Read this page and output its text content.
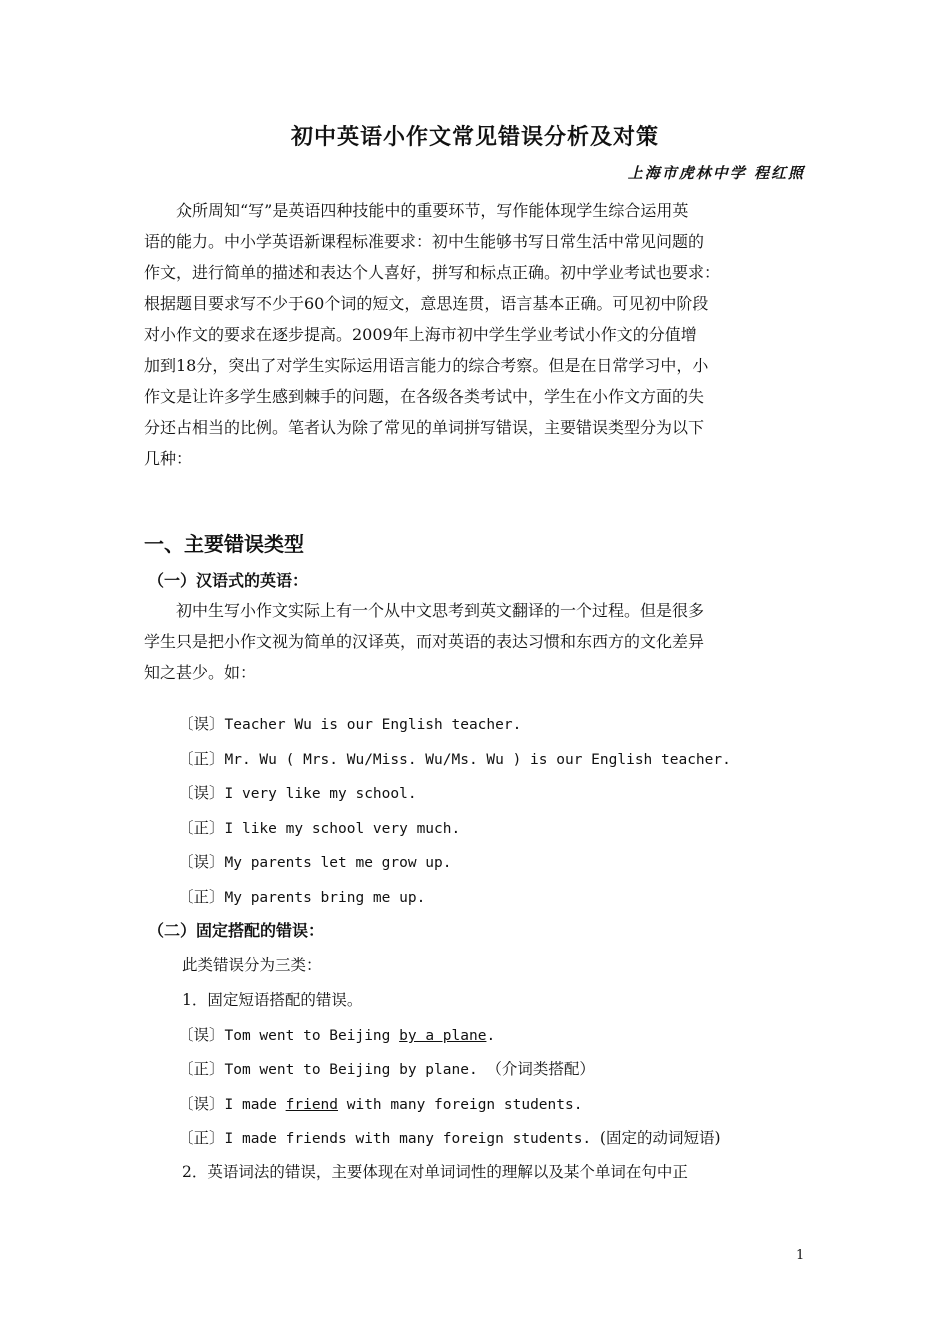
初中英语小作文常见错误分析及对策
上海市虎林中学 程红照
　　众所周知“写”是英语四种技能中的重要环节，写作能体现学生综合运用英
语的能力。中小学英语新课程标准要求：初中生能够书写日常生活中常见问题的
作文，进行简单的描述和表达个人喜好，拼写和标点正确。初中学业考试也要求：
根据题目要求写不少于60个词的短文，意思连贯，语言基本正确。可见初中阶段
对小作文的要求在逐步提高。2009年上海市初中学生学业考试小作文的分值增
加到18分，突出了对学生实际运用语言能力的综合考察。但是在日常学习中，小
作文是让许多学生感到棘手的问题，在各级各类考试中，学生在小作文方面的失
分还占相当的比例。笔者认为除了常见的单词拼写错误，主要错误类型分为以下
几种：
一、主要错误类型
（一）汉语式的英语：
　　初中生写小作文实际上有一个从中文思考到英文翻译的一个过程。但是很多
学生只是把小作文视为简单的汉译英，而对英语的表达习惯和东西方的文化差异
知之甚少。如：
〔误〕Teacher Wu is our English teacher.
〔正〕Mr. Wu ( Mrs. Wu/Miss. Wu/Ms. Wu ) is our English teacher.
〔误〕I very like my school.
〔正〕I like my school very much.
〔误〕My parents let me grow up.
〔正〕My parents bring me up.
（二）固定搭配的错误：
此类错误分为三类：
1．固定短语搭配的错误。
〔误〕Tom went to Beijing by a plane.
〔正〕Tom went to Beijing by plane. （介词类搭配）
〔误〕I made friend with many foreign students.
〔正〕I made friends with many foreign students. (固定的动词短语)
2．英语词法的错误，主要体现在对单词词性的理解以及某个单词在句中正
1
